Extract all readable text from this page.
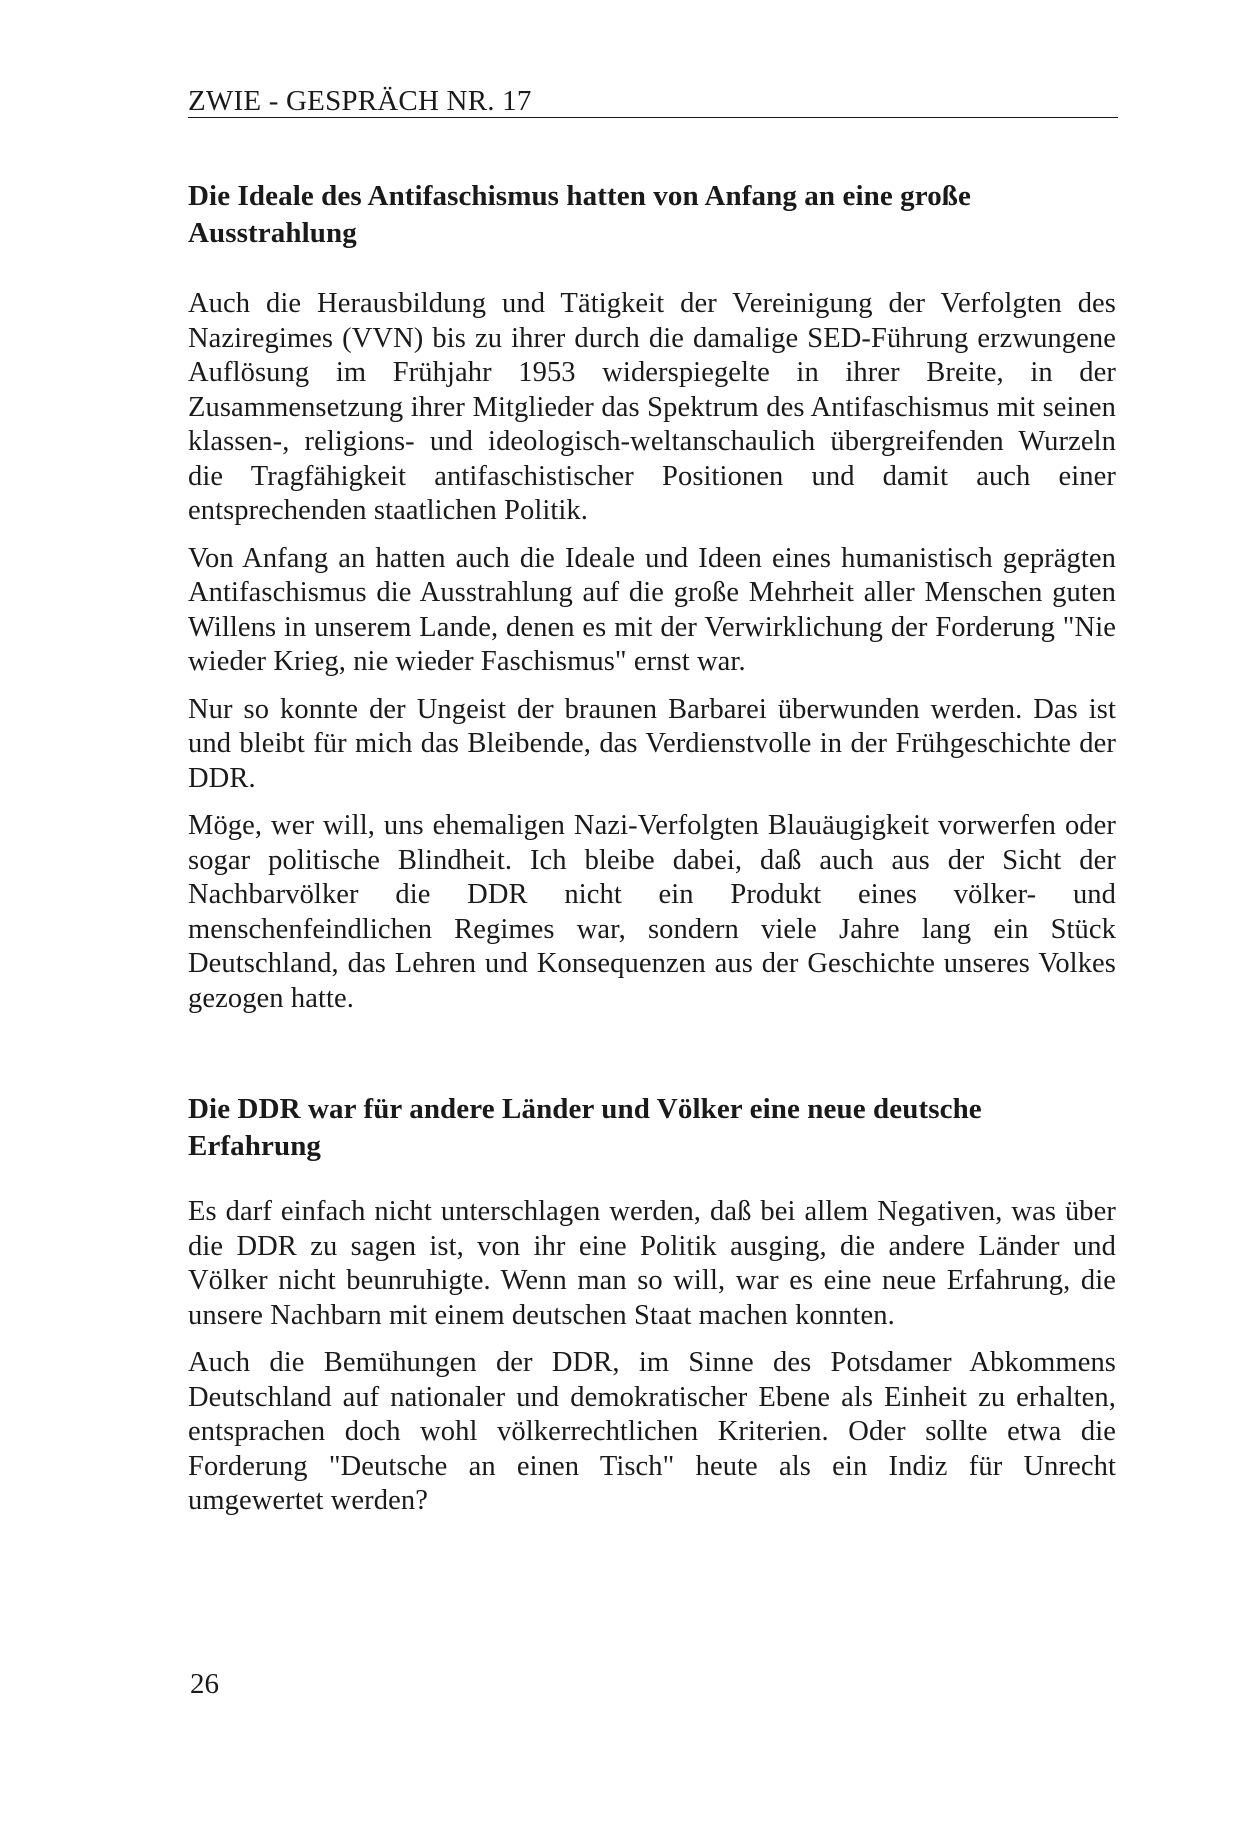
ZWIE - GESPRÄCH NR. 17
Die Ideale des Antifaschismus hatten von Anfang an eine große
Ausstrahlung

Auch die Herausbildung und Tätigkeit der Vereinigung der Verfolgten des Naziregimes (VVN) bis zu ihrer durch die damalige SED-Führung erzwungene Auflösung im Frühjahr 1953 widerspiegelte in ihrer Breite, in der Zusammensetzung ihrer Mitglieder das Spektrum des Antifaschismus mit seinen klassen-, religions- und ideologisch-weltanschaulich übergreifenden Wurzeln die Tragfähigkeit antifaschistischer Positionen und damit auch einer entsprechenden staatlichen Politik.

Von Anfang an hatten auch die Ideale und Ideen eines humanistisch geprägten Antifaschismus die Ausstrahlung auf die große Mehrheit aller Menschen guten Willens in unserem Lande, denen es mit der Verwirklichung der Forderung "Nie wieder Krieg, nie wieder Faschismus" ernst war.

Nur so konnte der Ungeist der braunen Barbarei überwunden werden. Das ist und bleibt für mich das Bleibende, das Verdienstvolle in der Frühgeschichte der DDR.

Möge, wer will, uns ehemaligen Nazi-Verfolgten Blauäugigkeit vorwerfen oder sogar politische Blindheit. Ich bleibe dabei, daß auch aus der Sicht der Nachbarvölker die DDR nicht ein Produkt eines völker- und menschenfeindlichen Regimes war, sondern viele Jahre lang ein Stück Deutschland, das Lehren und Konsequenzen aus der Geschichte unseres Volkes gezogen hatte.

Die DDR war für andere Länder und Völker eine neue deutsche
Erfahrung

Es darf einfach nicht unterschlagen werden, daß bei allem Negativen, was über die DDR zu sagen ist, von ihr eine Politik ausging, die andere Länder und Völker nicht beunruhigte. Wenn man so will, war es eine neue Erfahrung, die unsere Nachbarn mit einem deutschen Staat machen konnten.

Auch die Bemühungen der DDR, im Sinne des Potsdamer Abkommens Deutschland auf nationaler und demokratischer Ebene als Einheit zu erhalten, entsprachen doch wohl völkerrechtlichen Kriterien. Oder sollte etwa die Forderung "Deutsche an einen Tisch" heute als ein Indiz für Unrecht umgewertet werden?

26
